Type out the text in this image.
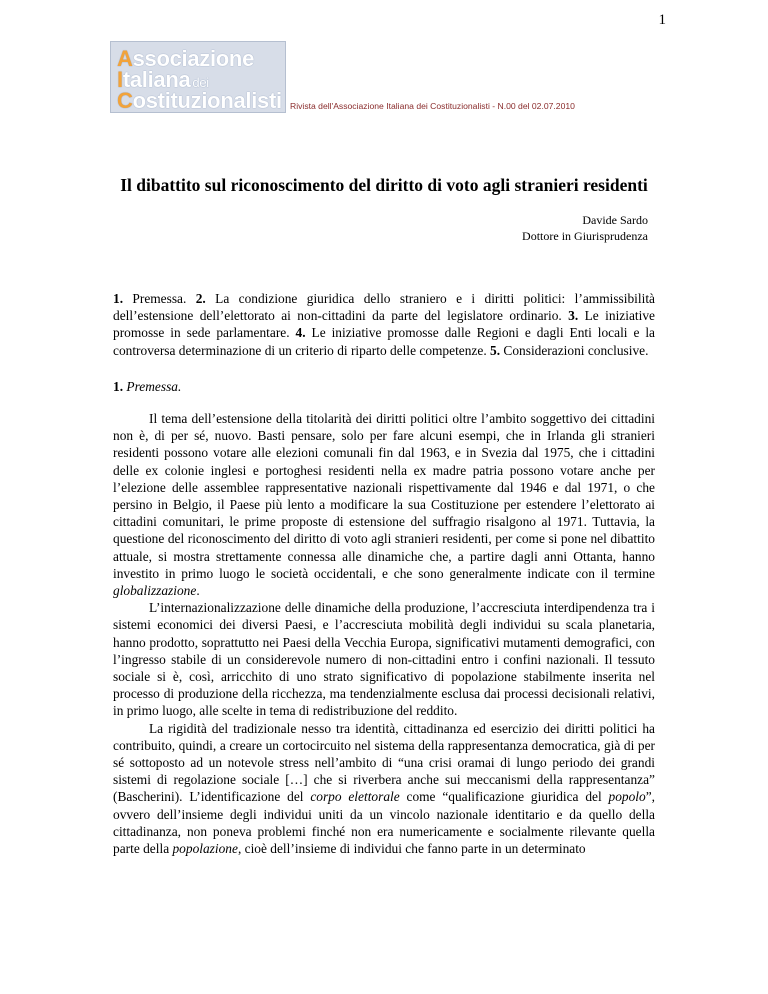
1
Associazione
Italiana dei
Costituzionalisti Rivista dell'Associazione Italiana dei Costituzionalisti - N.00 del 02.07.2010
Il dibattito sul riconoscimento del diritto di voto agli stranieri residenti
Davide Sardo
Dottore in Giurisprudenza
1. Premessa. 2. La condizione giuridica dello straniero e i diritti politici: l’ammissibilità dell’estensione dell’elettorato ai non-cittadini da parte del legislatore ordinario. 3. Le iniziative promosse in sede parlamentare. 4. Le iniziative promosse dalle Regioni e dagli Enti locali e la controversa determinazione di un criterio di riparto delle competenze. 5. Considerazioni conclusive.
1. Premessa.

Il tema dell’estensione della titolarità dei diritti politici oltre l’ambito soggettivo dei cittadini non è, di per sé, nuovo. Basti pensare, solo per fare alcuni esempi, che in Irlanda gli stranieri residenti possono votare alle elezioni comunali fin dal 1963, e in Svezia dal 1975, che i cittadini delle ex colonie inglesi e portoghesi residenti nella ex madre patria possono votare anche per l’elezione delle assemblee rappresentative nazionali rispettivamente dal 1946 e dal 1971, o che persino in Belgio, il Paese più lento a modificare la sua Costituzione per estendere l’elettorato ai cittadini comunitari, le prime proposte di estensione del suffragio risalgono al 1971. Tuttavia, la questione del riconoscimento del diritto di voto agli stranieri residenti, per come si pone nel dibattito attuale, si mostra strettamente connessa alle dinamiche che, a partire dagli anni Ottanta, hanno investito in primo luogo le società occidentali, e che sono generalmente indicate con il termine globalizzazione.

L’internazionalizzazione delle dinamiche della produzione, l’accresciuta interdipendenza tra i sistemi economici dei diversi Paesi, e l’accresciuta mobilità degli individui su scala planetaria, hanno prodotto, soprattutto nei Paesi della Vecchia Europa, significativi mutamenti demografici, con l’ingresso stabile di un considerevole numero di non-cittadini entro i confini nazionali. Il tessuto sociale si è, così, arricchito di uno strato significativo di popolazione stabilmente inserita nel processo di produzione della ricchezza, ma tendenzialmente esclusa dai processi decisionali relativi, in primo luogo, alle scelte in tema di redistribuzione del reddito.

La rigidità del tradizionale nesso tra identità, cittadinanza ed esercizio dei diritti politici ha contribuito, quindi, a creare un cortocircuito nel sistema della rappresentanza democratica, già di per sé sottoposto ad un notevole stress nell’ambito di “una crisi oramai di lungo periodo dei grandi sistemi di regolazione sociale […] che si riverbera anche sui meccanismi della rappresentanza” (Bascherini). L’identificazione del corpo elettorale come “qualificazione giuridica del popolo”, ovvero dell’insieme degli individui uniti da un vincolo nazionale identitario e da quello della cittadinanza, non poneva problemi finché non era numericamente e socialmente rilevante quella parte della popolazione, cioè dell’insieme di individui che fanno parte in un determinato
